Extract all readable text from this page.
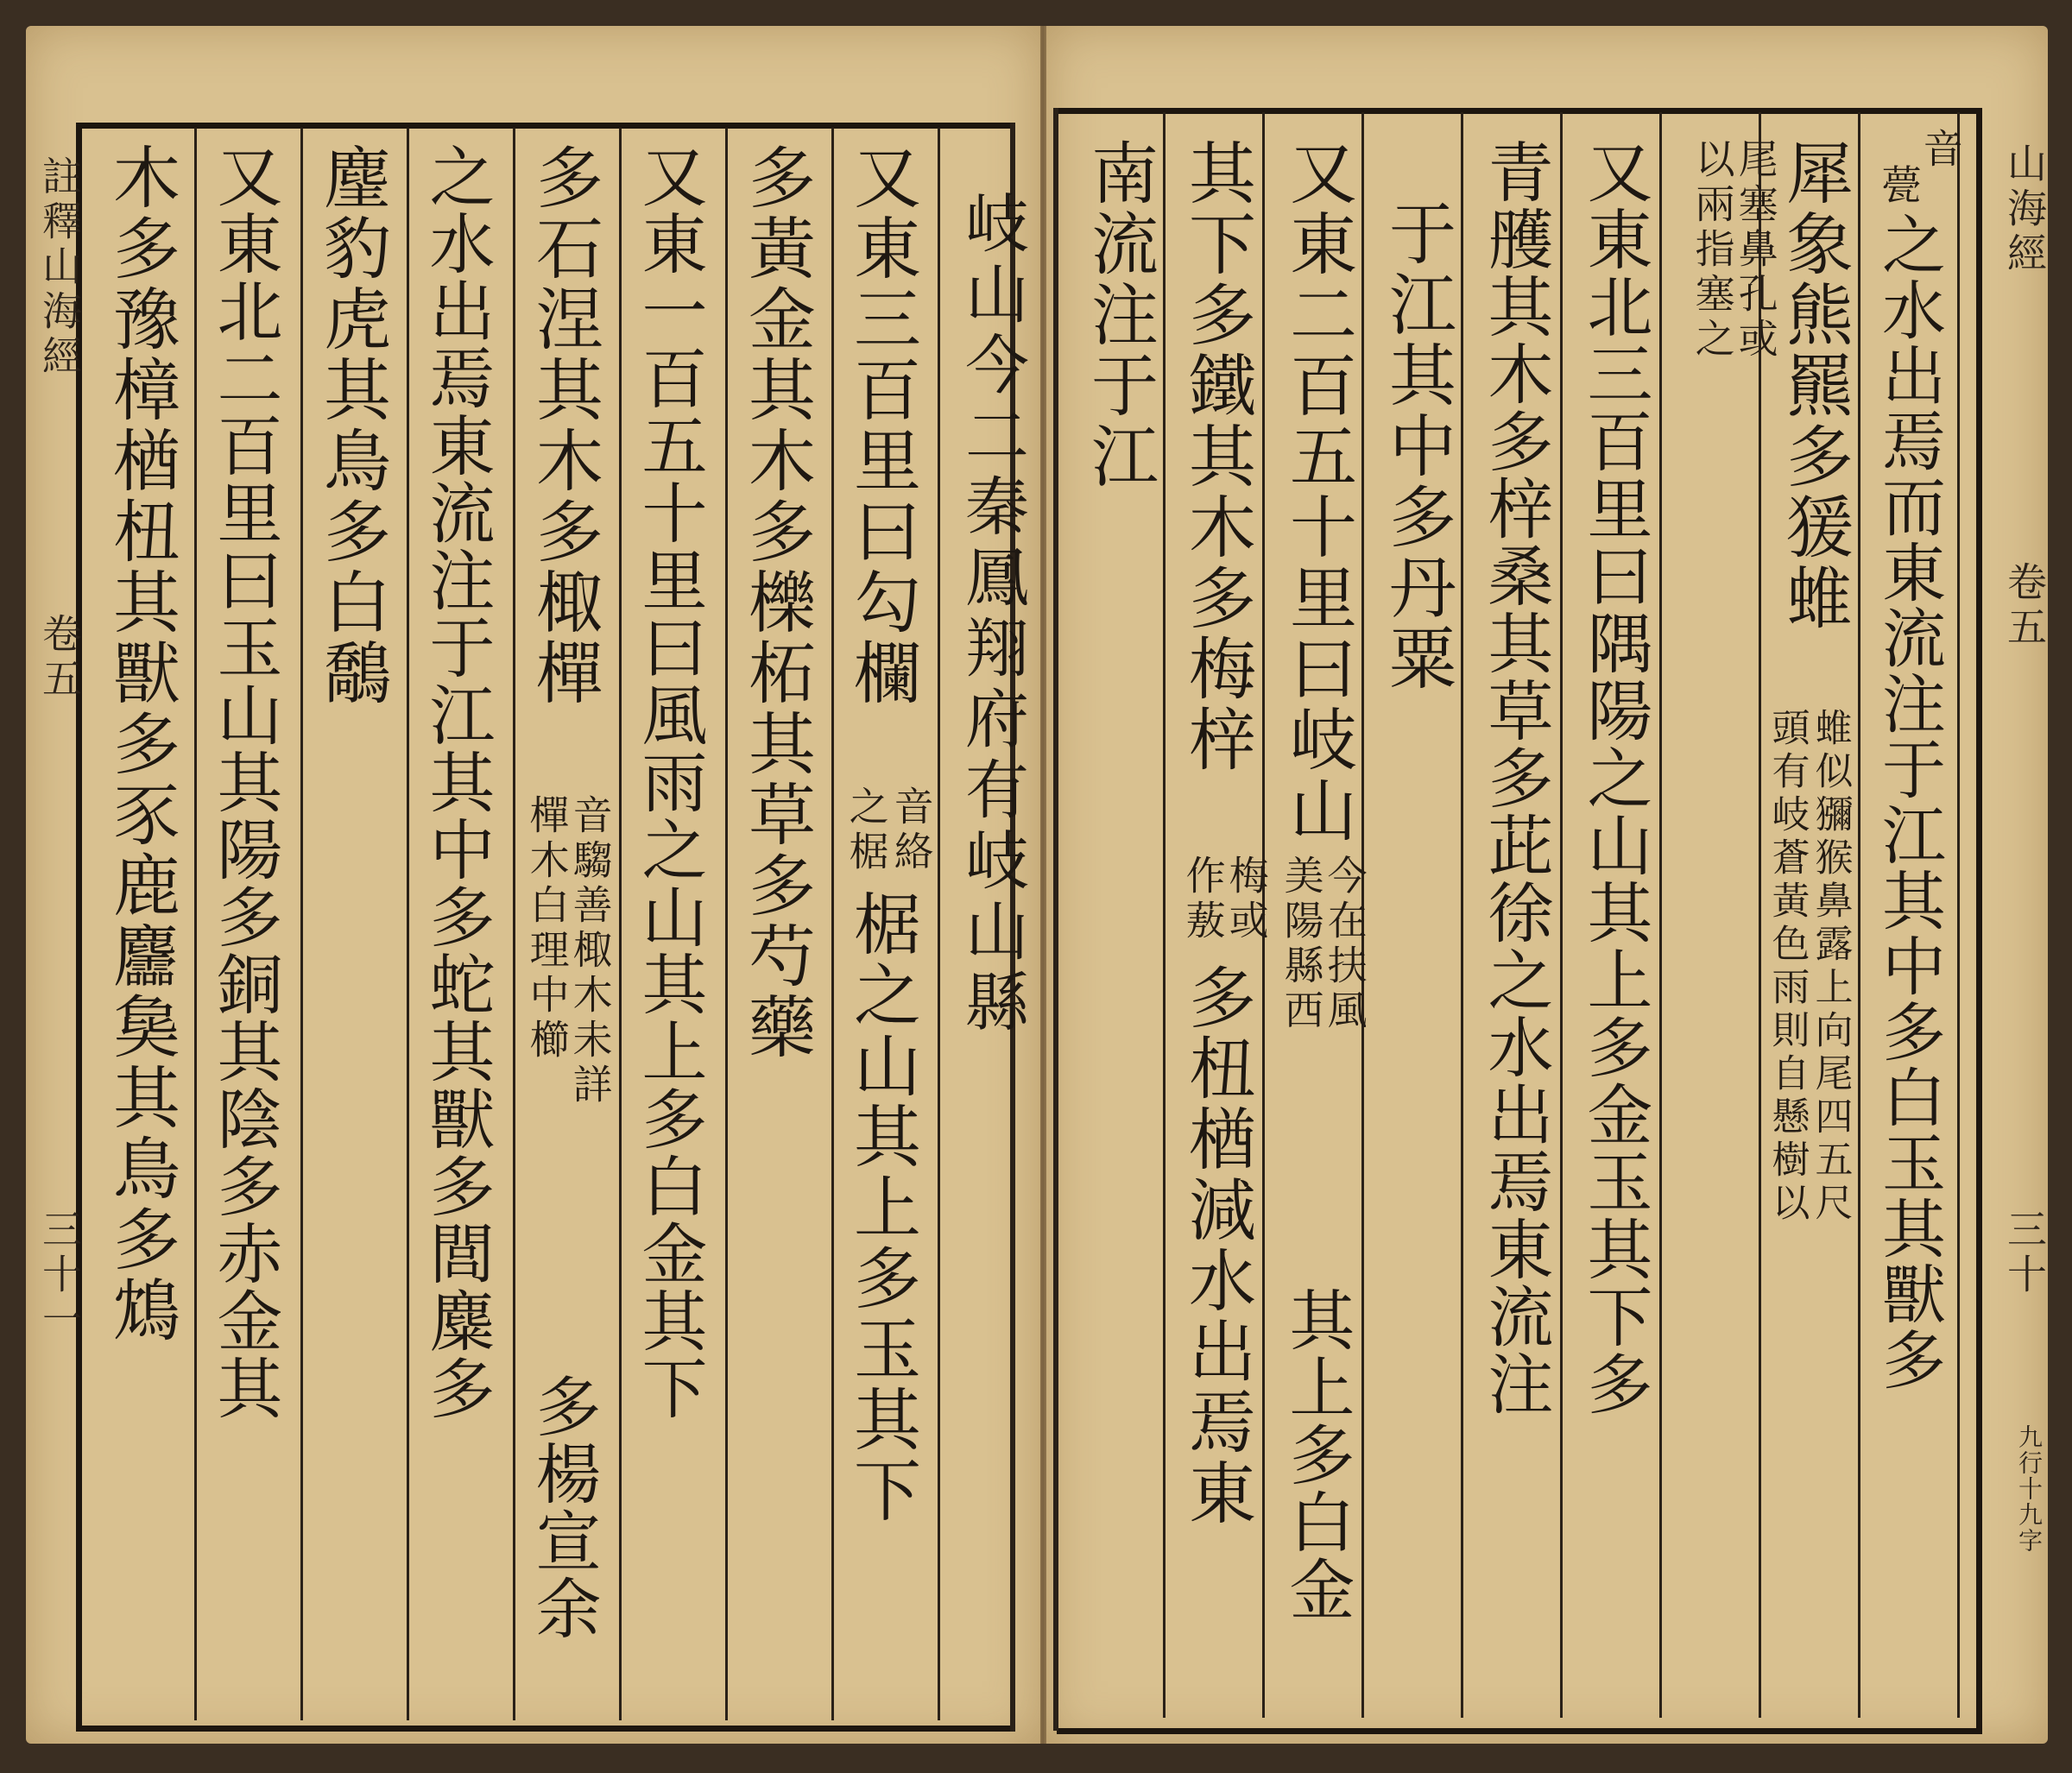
註釋山海經
卷五
三十一
岐山今二秦鳳翔府有岐山縣
又東三百里曰勾欄
音絡
之椐
椐之山其上多玉其下
多黃金其木多櫟柘其草多芍藥
又東一百五十里曰風雨之山其上多白金其下
多石涅其木多棷樿
音騶善棷木未詳
樿木白理中櫛
多楊宣余
之水出焉東流注于江其中多蛇其獸多閭麋多
麈豹虎其鳥多白鷮
又東北二百里曰玉山其陽多銅其陰多赤金其
木多豫樟楢杻其獸多豕鹿麢㚟其鳥多鴆	山海經
卷五
三十
九行十九字
音
甍
之水出焉而東流注于江其中多白玉其獸多
犀象熊羆多猨蜼
蜼似獼猴鼻露上向尾四五尺
頭有岐蒼黃色雨則自懸樹以
尾塞鼻孔或
以兩指塞之
又東北三百里曰隅陽之山其上多金玉其下多
青雘其木多梓桑其草多茈徐之水出焉東流注
于江其中多丹粟
又東二百五十里曰岐山
今在扶風
美陽縣西
其上多白金
其下多鐵其木多梅梓
梅或
作蔜
多杻楢減水出焉東
南流注于江
